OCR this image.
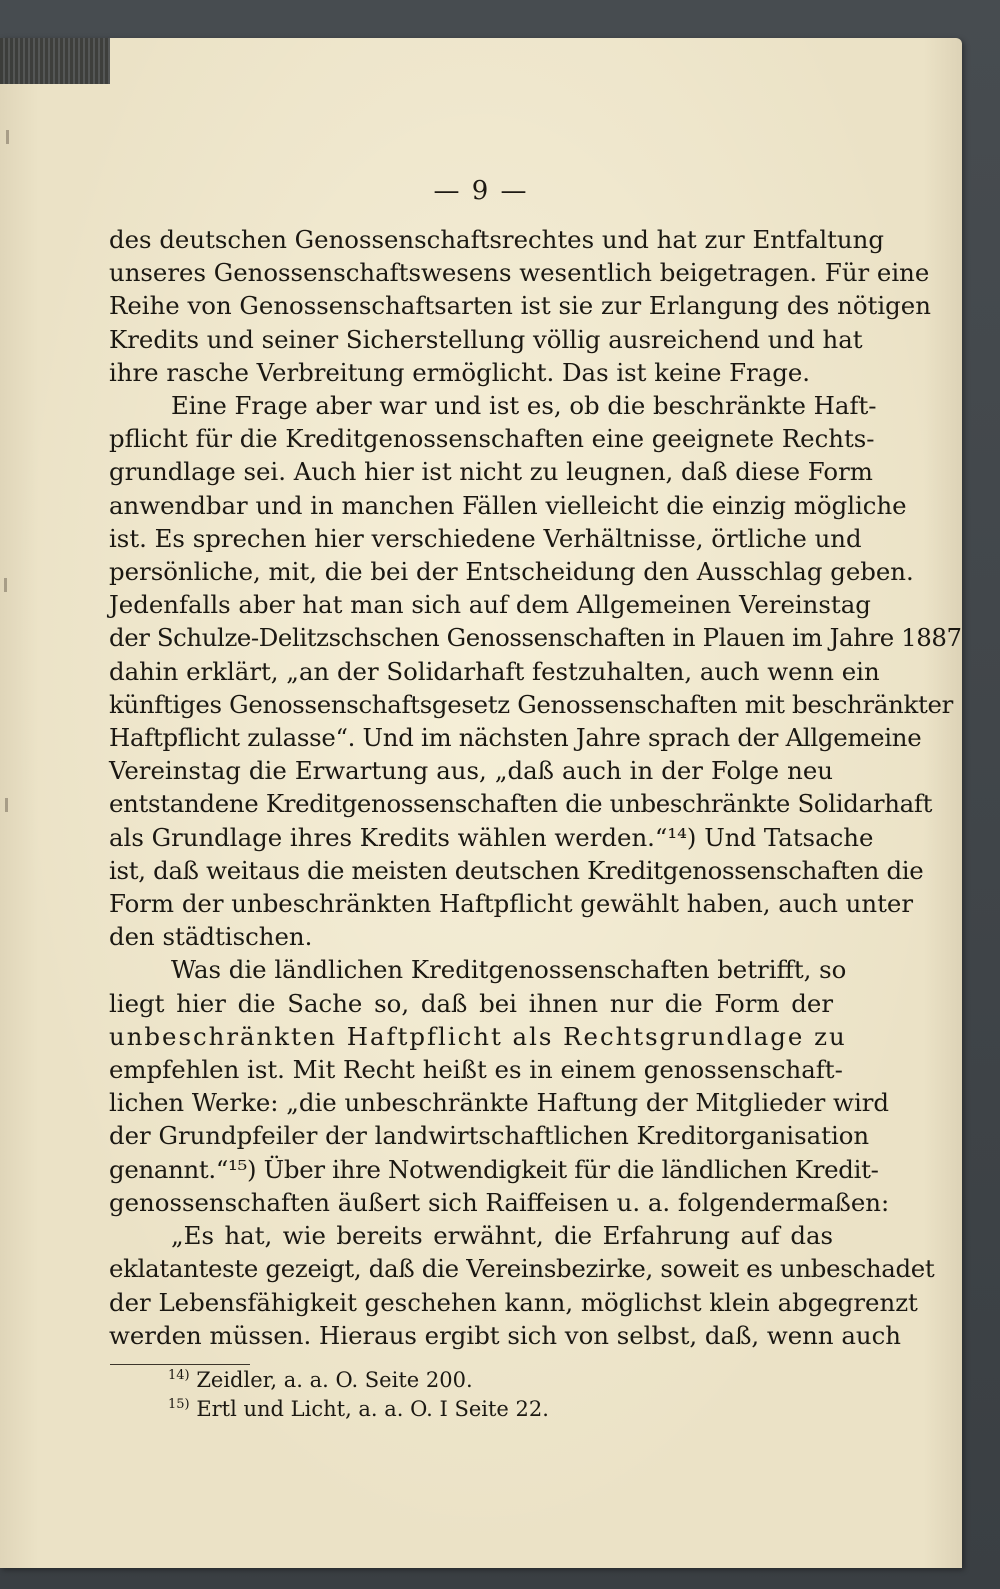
— 9 —
des deutschen Genossenschaftsrechtes und hat zur Entfaltung
unseres Genossenschaftswesens wesentlich beigetragen. Für eine
Reihe von Genossenschaftsarten ist sie zur Erlangung des nötigen
Kredits und seiner Sicherstellung völlig ausreichend und hat
ihre rasche Verbreitung ermöglicht. Das ist keine Frage.
Eine Frage aber war und ist es, ob die beschränkte Haft-
pflicht für die Kreditgenossenschaften eine geeignete Rechts-
grundlage sei. Auch hier ist nicht zu leugnen, daß diese Form
anwendbar und in manchen Fällen vielleicht die einzig mögliche
ist. Es sprechen hier verschiedene Verhältnisse, örtliche und
persönliche, mit, die bei der Entscheidung den Ausschlag geben.
Jedenfalls aber hat man sich auf dem Allgemeinen Vereinstag
der Schulze-Delitzschschen Genossenschaften in Plauen im Jahre 1887
dahin erklärt, „an der Solidarhaft festzuhalten, auch wenn ein
künftiges Genossenschaftsgesetz Genossenschaften mit beschränkter
Haftpflicht zulasse“. Und im nächsten Jahre sprach der Allgemeine
Vereinstag die Erwartung aus, „daß auch in der Folge neu
entstandene Kreditgenossenschaften die unbeschränkte Solidarhaft
als Grundlage ihres Kredits wählen werden.“¹⁴) Und Tatsache
ist, daß weitaus die meisten deutschen Kreditgenossenschaften die
Form der unbeschränkten Haftpflicht gewählt haben, auch unter
den städtischen.
Was die ländlichen Kreditgenossenschaften betrifft, so
liegt hier die Sache so, daß bei ihnen nur die Form der
unbeschränkten Haftpflicht als Rechtsgrundlage zu
empfehlen ist. Mit Recht heißt es in einem genossenschaft-
lichen Werke: „die unbeschränkte Haftung der Mitglieder wird
der Grundpfeiler der landwirtschaftlichen Kreditorganisation
genannt.“¹⁵) Über ihre Notwendigkeit für die ländlichen Kredit-
genossenschaften äußert sich Raiffeisen u. a. folgendermaßen:
„Es hat, wie bereits erwähnt, die Erfahrung auf das
eklatanteste gezeigt, daß die Vereinsbezirke, soweit es unbeschadet
der Lebensfähigkeit geschehen kann, möglichst klein abgegrenzt
werden müssen. Hieraus ergibt sich von selbst, daß, wenn auch
$^{14)}$ Zeidler, a. a. O. Seite 200.
$^{15)}$ Ertl und Licht, a. a. O. I Seite 22.
